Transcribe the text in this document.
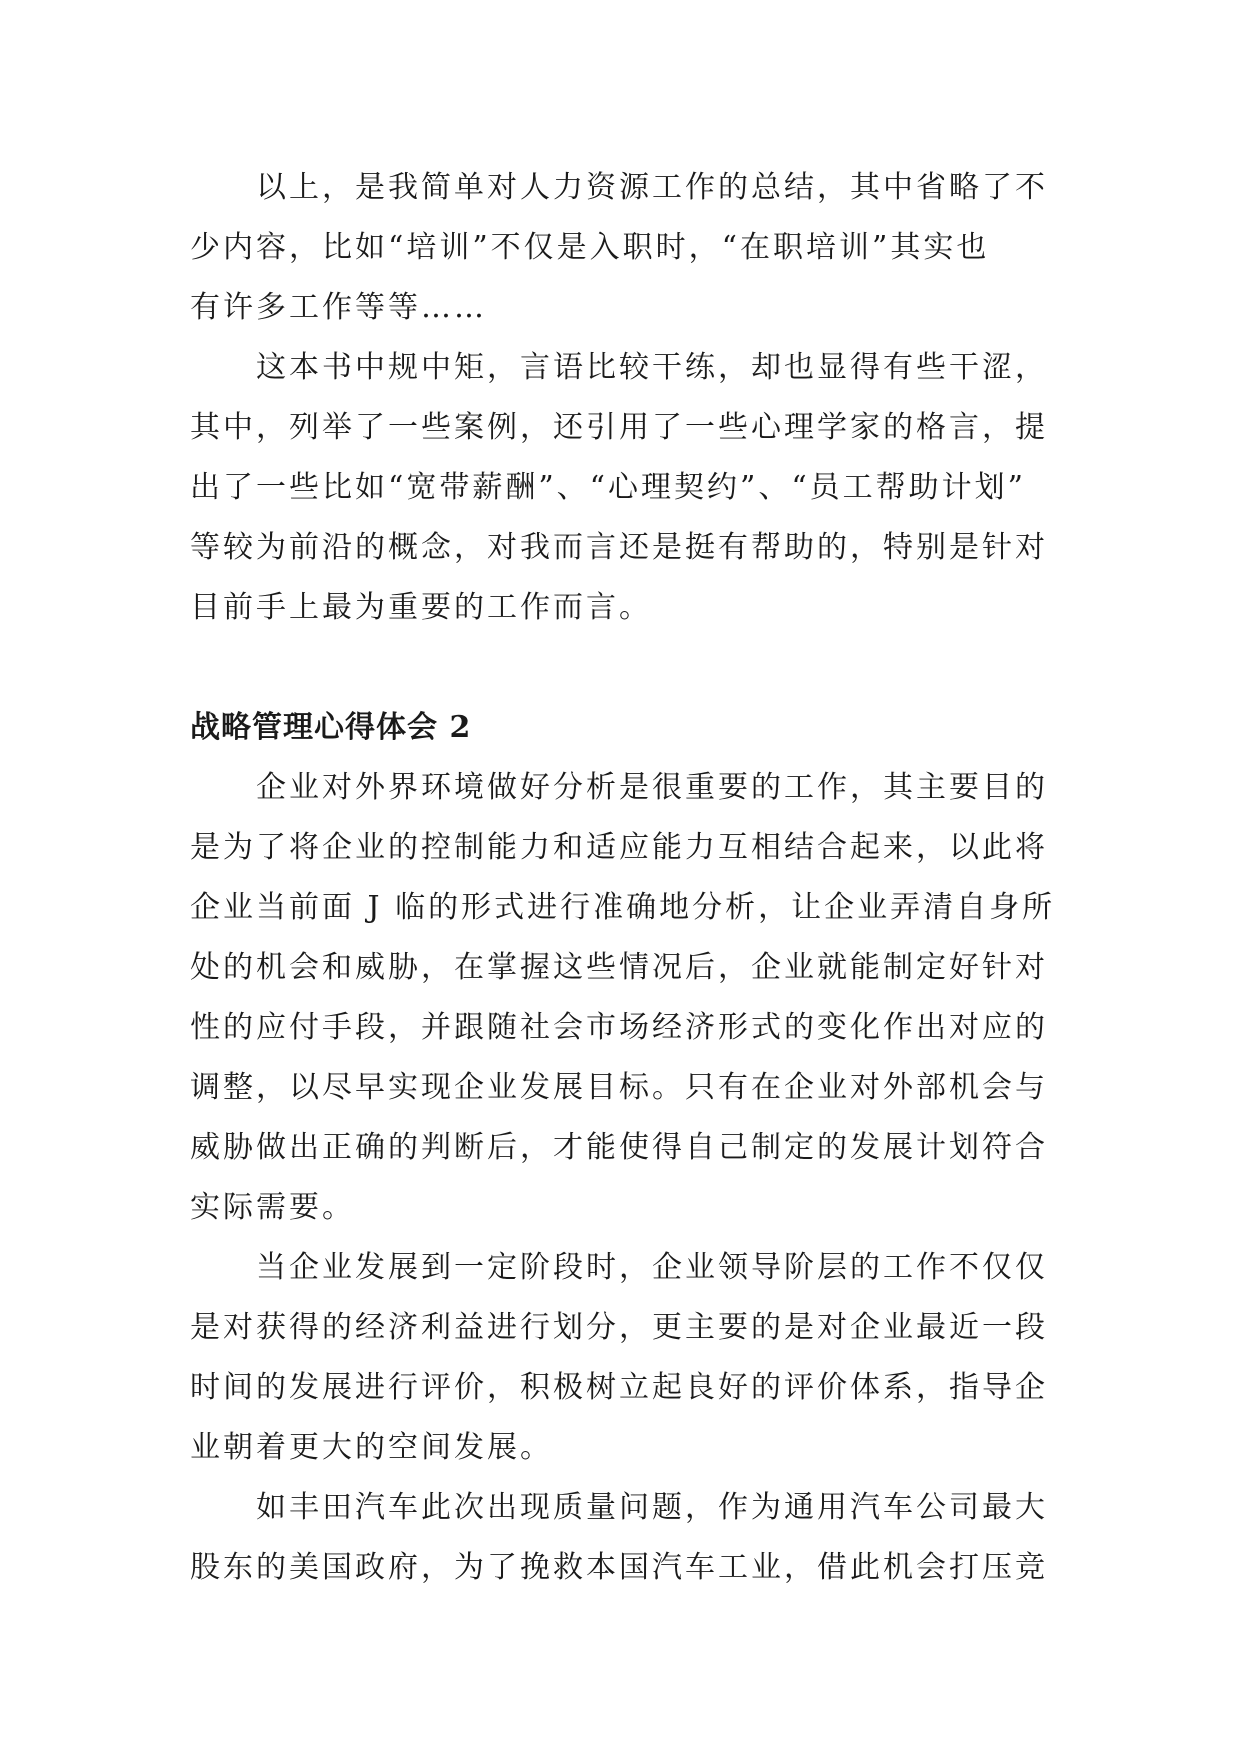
以上，是我简单对人力资源工作的总结，其中省略了不
少内容，比如“培训”不仅是入职时，“在职培训”其实也
有许多工作等等……
这本书中规中矩，言语比较干练，却也显得有些干涩，
其中，列举了一些案例，还引用了一些心理学家的格言，提
出了一些比如“宽带薪酬”、“心理契约”、“员工帮助计划”
等较为前沿的概念，对我而言还是挺有帮助的，特别是针对
目前手上最为重要的工作而言。
战略管理心得体会 2
企业对外界环境做好分析是很重要的工作，其主要目的
是为了将企业的控制能力和适应能力互相结合起来，以此将
企业当前面 J 临的形式进行准确地分析，让企业弄清自身所
处的机会和威胁，在掌握这些情况后，企业就能制定好针对
性的应付手段，并跟随社会市场经济形式的变化作出对应的
调整，以尽早实现企业发展目标。只有在企业对外部机会与
威胁做出正确的判断后，才能使得自己制定的发展计划符合
实际需要。
当企业发展到一定阶段时，企业领导阶层的工作不仅仅
是对获得的经济利益进行划分，更主要的是对企业最近一段
时间的发展进行评价，积极树立起良好的评价体系，指导企
业朝着更大的空间发展。
如丰田汽车此次出现质量问题，作为通用汽车公司最大
股东的美国政府，为了挽救本国汽车工业，借此机会打压竞
